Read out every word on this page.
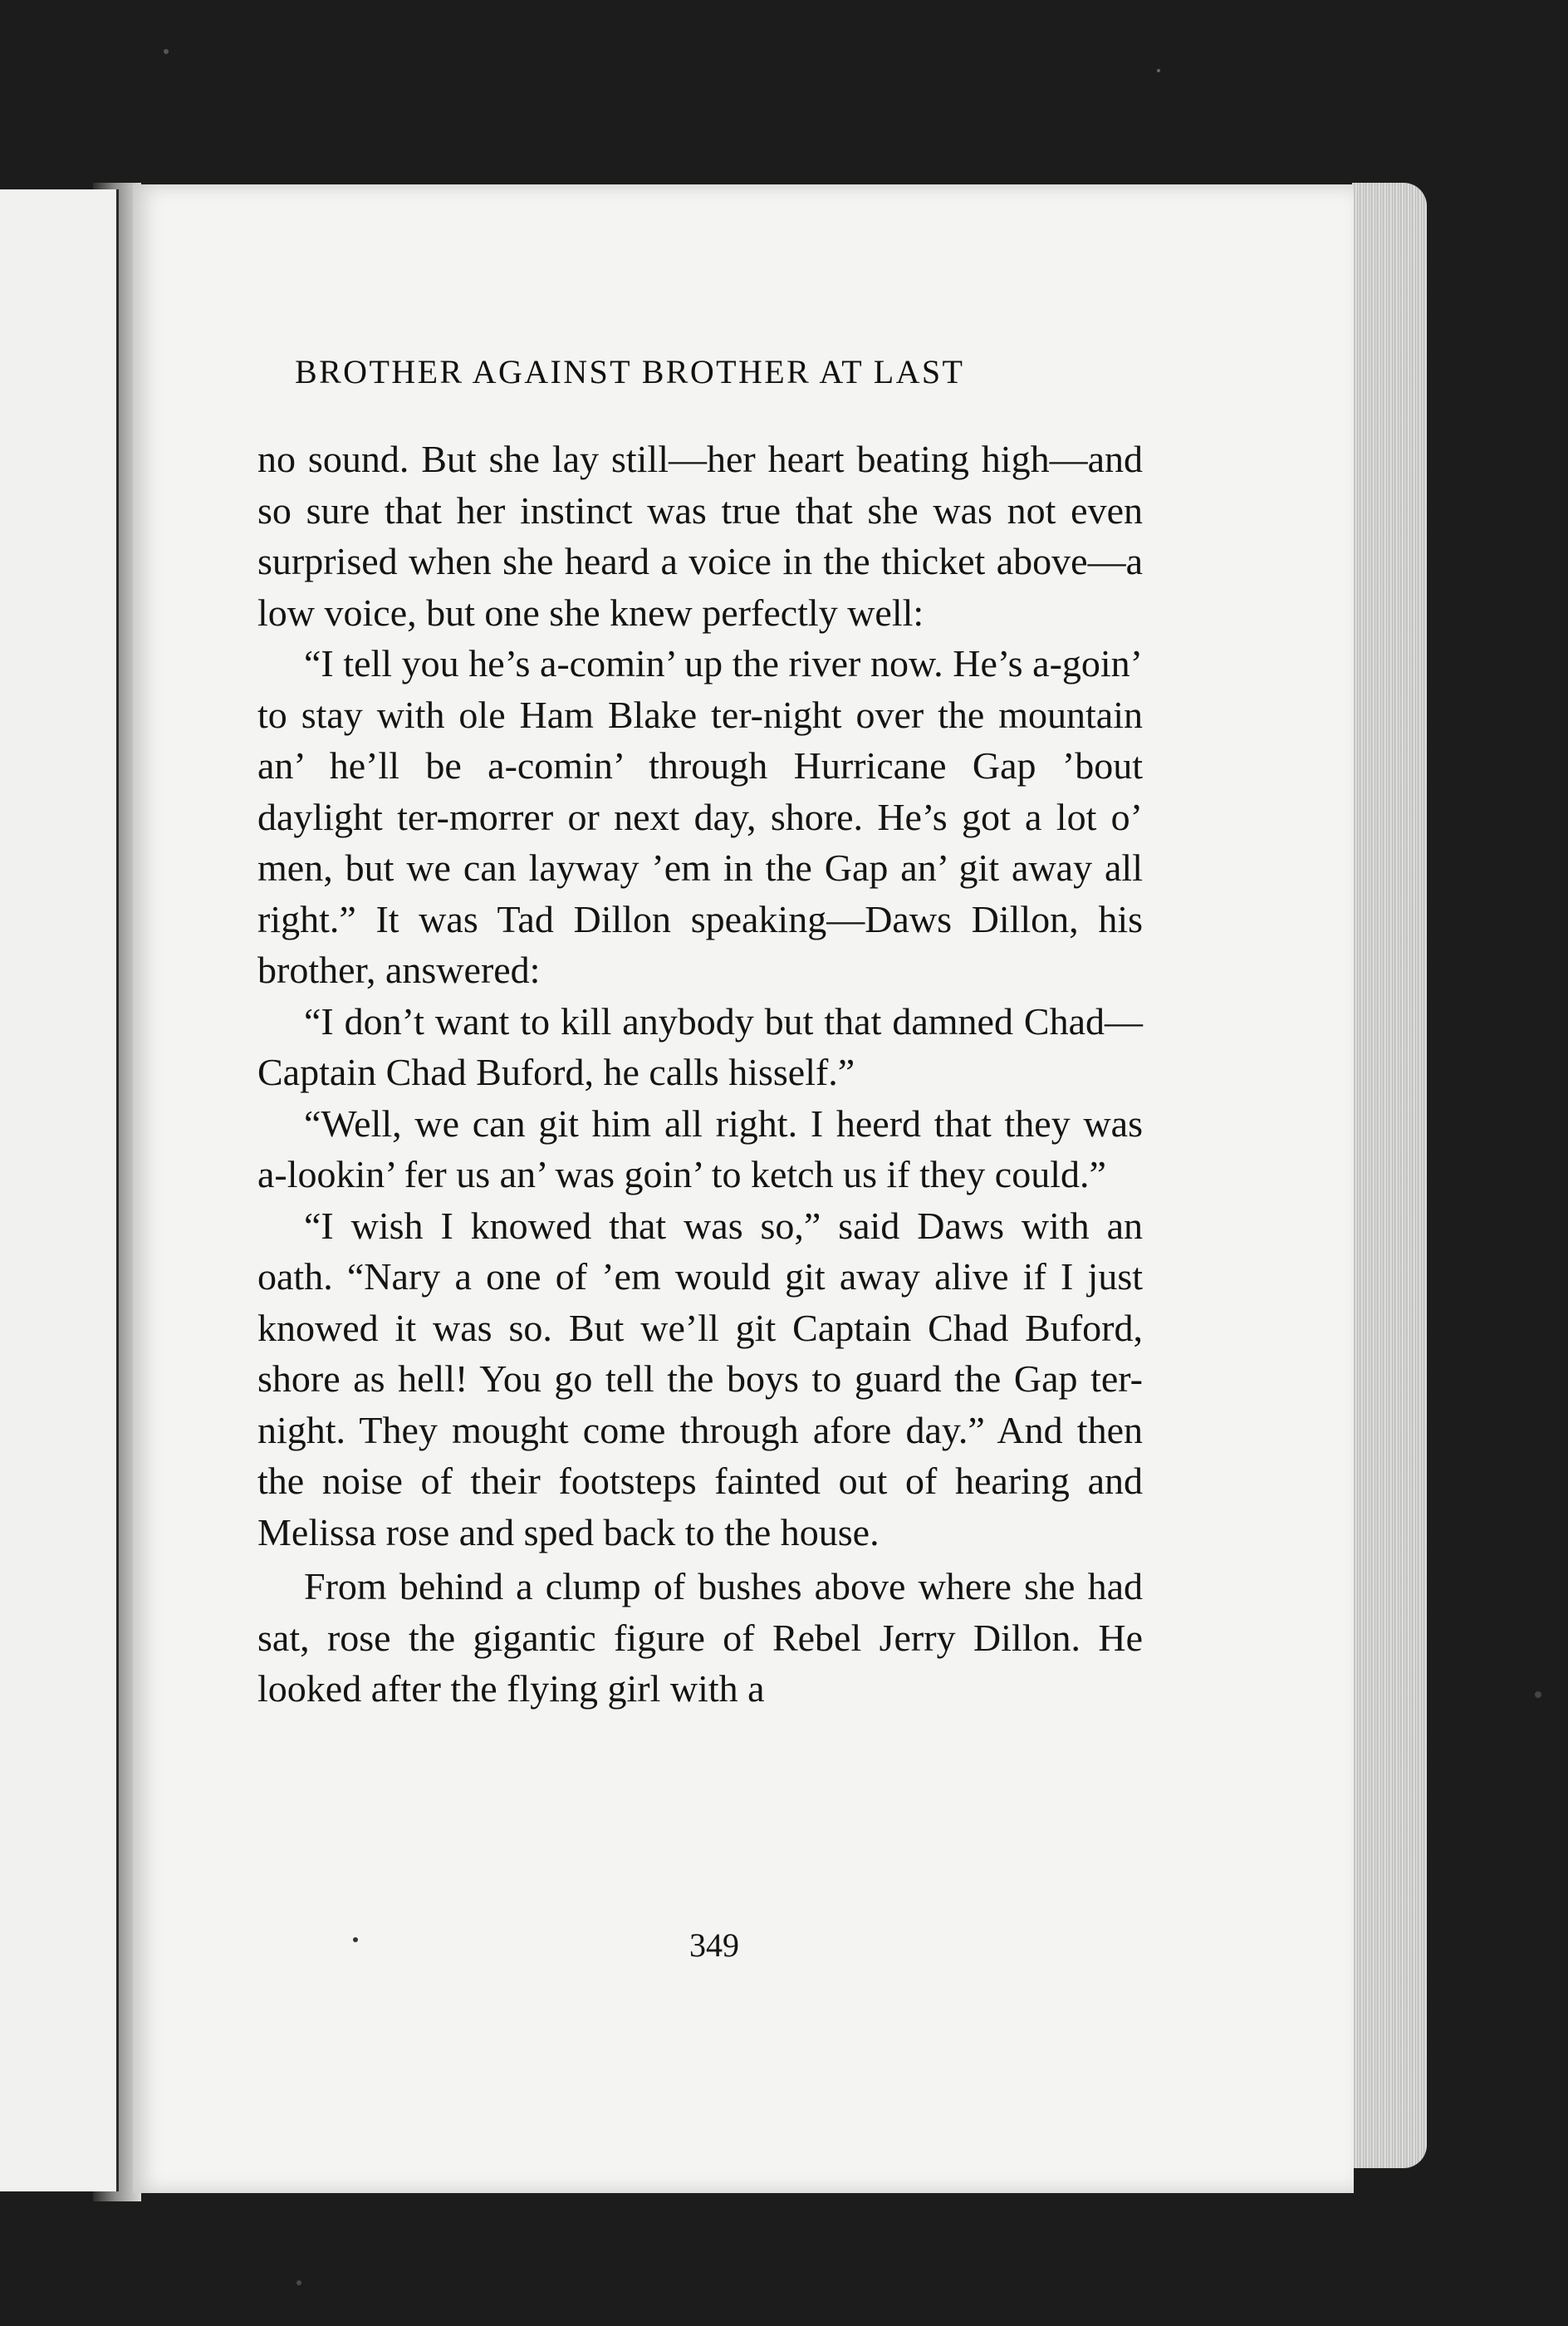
BROTHER AGAINST BROTHER AT LAST

no sound. But she lay still—her heart beating high—and so sure that her instinct was true that she was not even surprised when she heard a voice in the thicket above—a low voice, but one she knew perfectly well:

“I tell you he’s a-comin’ up the river now. He’s a-goin’ to stay with ole Ham Blake ter-night over the mountain an’ he’ll be a-comin’ through Hurricane Gap ’bout daylight ter-morrer or next day, shore. He’s got a lot o’ men, but we can layway ’em in the Gap an’ git away all right.” It was Tad Dillon speaking—Daws Dillon, his brother, answered:

“I don’t want to kill anybody but that damned Chad—Captain Chad Buford, he calls hisself.”

“Well, we can git him all right. I heerd that they was a-lookin’ fer us an’ was goin’ to ketch us if they could.”

“I wish I knowed that was so,” said Daws with an oath. “Nary a one of ’em would git away alive if I just knowed it was so. But we’ll git Captain Chad Buford, shore as hell! You go tell the boys to guard the Gap ter-night. They mought come through afore day.” And then the noise of their footsteps fainted out of hearing and Melissa rose and sped back to the house.

From behind a clump of bushes above where she had sat, rose the gigantic figure of Rebel Jerry Dillon. He looked after the flying girl with a

349
